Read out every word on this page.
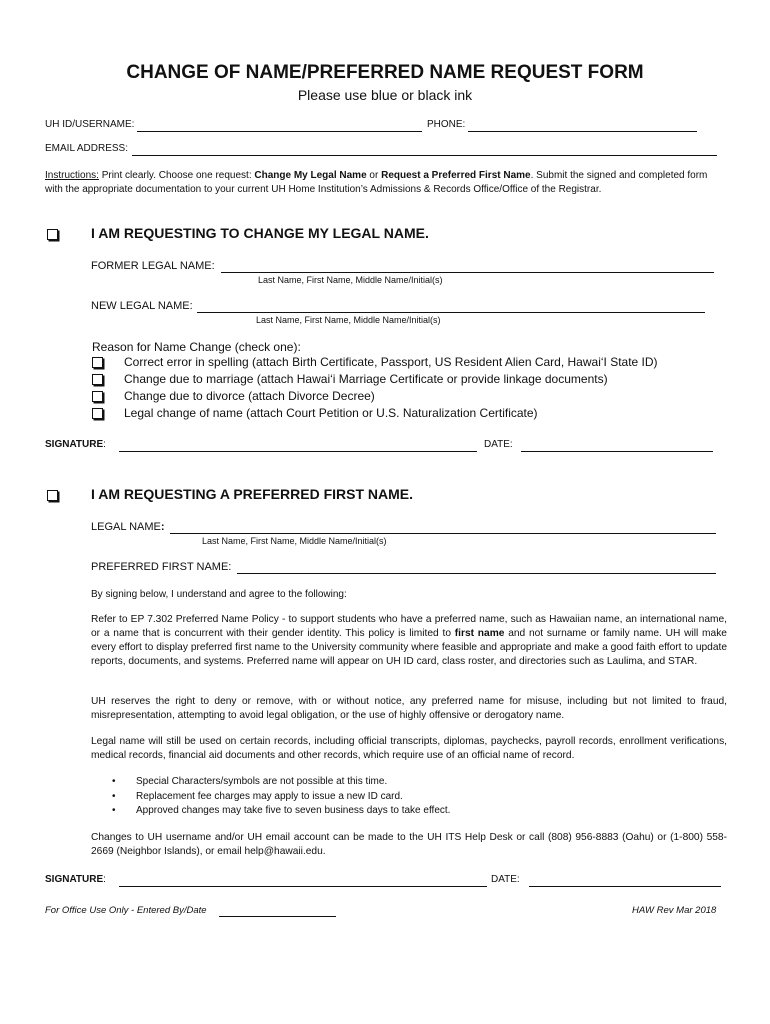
CHANGE OF NAME/PREFERRED NAME REQUEST FORM
Please use blue or black ink
UH ID/USERNAME:	PHONE:
EMAIL ADDRESS:
Instructions: Print clearly. Choose one request: Change My Legal Name or Request a Preferred First Name. Submit the signed and completed form with the appropriate documentation to your current UH Home Institution’s Admissions & Records Office/Office of the Registrar.
I AM REQUESTING TO CHANGE MY LEGAL NAME.
FORMER LEGAL NAME:
Last Name, First Name, Middle Name/Initial(s)
NEW LEGAL NAME:
Last Name, First Name, Middle Name/Initial(s)
Reason for Name Change (check one):
Correct error in spelling (attach Birth Certificate, Passport, US Resident Alien Card, Hawai‘I State ID)
Change due to marriage (attach Hawai‘i Marriage Certificate or provide linkage documents)
Change due to divorce (attach Divorce Decree)
Legal change of name (attach Court Petition or U.S. Naturalization Certificate)
SIGNATURE:	DATE:
I AM REQUESTING A PREFERRED FIRST NAME.
LEGAL NAME:
Last Name, First Name, Middle Name/Initial(s)
PREFERRED FIRST NAME:
By signing below, I understand and agree to the following:
Refer to EP 7.302 Preferred Name Policy - to support students who have a preferred name, such as Hawaiian name, an international name, or a name that is concurrent with their gender identity. This policy is limited to first name and not surname or family name. UH will make every effort to display preferred first name to the University community where feasible and appropriate and make a good faith effort to update reports, documents, and systems. Preferred name will appear on UH ID card, class roster, and directories such as Laulima, and STAR.
UH reserves the right to deny or remove, with or without notice, any preferred name for misuse, including but not limited to fraud, misrepresentation, attempting to avoid legal obligation, or the use of highly offensive or derogatory name.
Legal name will still be used on certain records, including official transcripts, diplomas, paychecks, payroll records, enrollment verifications, medical records, financial aid documents and other records, which require use of an official name of record.
• Special Characters/symbols are not possible at this time.
• Replacement fee charges may apply to issue a new ID card.
• Approved changes may take five to seven business days to take effect.
Changes to UH username and/or UH email account can be made to the UH ITS Help Desk or call (808) 956-8883 (Oahu) or (1-800) 558-2669 (Neighbor Islands), or email help@hawaii.edu.
SIGNATURE:	DATE:
For Office Use Only - Entered By/Date	HAW Rev Mar 2018
